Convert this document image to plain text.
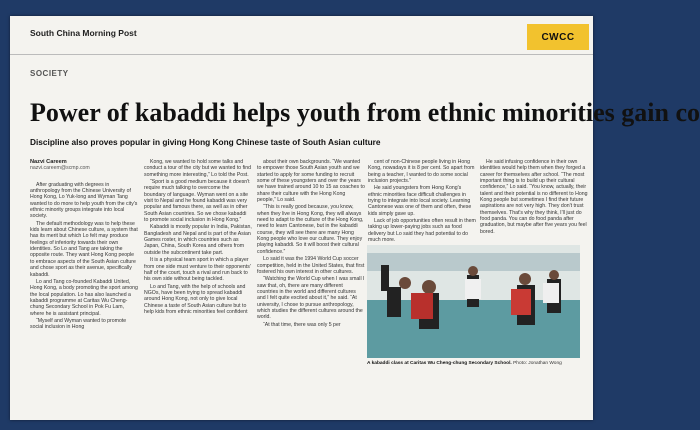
South China Morning Post	CWCC
SOCIETY
Power of kabaddi helps youth from ethnic minorities gain co
Discipline also proves popular in giving Hong Kong Chinese taste of South Asian culture
Nazvi Careem
nazvi.careem@scmp.com

After graduating with degrees in anthropology from the Chinese University of Hong Kong, Lo Yuk-long and Wyman Tang wanted to do more to help youth from the city's ethnic minority groups integrate into local society.

The default methodology was to help these kids learn about Chinese culture, a system that has its merit but which Lo felt may produce feelings of inferiority towards their own identities. So Lo and Tang are taking the opposite route. They want Hong Kong people to embrace aspects of the South Asian culture and chose sport as their avenue, specifically kabaddi.

Lo and Tang co-founded Kabaddi United, Hong Kong, a body promoting the sport among the local population. Lo has also launched a kabaddi programme at Caritas Wu Cheng-chung Secondary School in Pok Fu Lam, where he is assistant principal.

“Myself and Wyman wanted to promote social inclusion in Hong

Kong, we wanted to hold some talks and conduct a tour of the city but we wanted to find something more interesting,” Lo told the Post.

“Sport is a good medium because it doesn't require much talking to overcome the boundary of language. Wyman went on a site visit to Nepal and he found kabaddi was very popular and famous there, as well as in other South Asian countries. So we chose kabaddi to promote social inclusion in Hong Kong.”

Kabaddi is mostly popular in India, Pakistan, Bangladesh and Nepal and is part of the Asian Games roster, in which countries such as Japan, China, South Korea and others from outside the subcontinent take part.

It is a physical team sport in which a player from one side must venture to their opponents' half of the court, touch a rival and run back to his own side without being tackled.

Lo and Tang, with the help of schools and NGOs, have been trying to spread kabaddi around Hong Kong, not only to give local Chinese a taste of South Asian culture but to help kids from ethnic minorities feel confident

about their own backgrounds. “We wanted to empower those South Asian youth and we started to apply for some funding to recruit some of these youngsters and over the years we have trained around 10 to 15 as coaches to share their culture with the Hong Kong people,” Lo said.

“This is really good because, you know, when they live in Hong Kong, they will always need to adapt to the culture of the Hong Kong, need to learn Cantonese, but in the kabaddi course, they will see there are many Hong Kong people who love our culture. They enjoy playing kabaddi. So it will boost their cultural confidence.”

Lo said it was the 1994 World Cup soccer competition, held in the United States, that first fostered his own interest in other cultures.

“Watching the World Cup when I was small I saw that, oh, there are many different countries in the world and different cultures and I felt quite excited about it,” he said. “At university, I chose to pursue anthropology, which studies the different cultures around the world.

“At that time, there was only 5 per

cent of non-Chinese people living in Hong Kong, nowadays it is 8 per cent. So apart from being a teacher, I wanted to do some social inclusion projects.”

He said youngsters from Hong Kong's ethnic minorities face difficult challenges in trying to integrate into local society. Learning Cantonese was one of them and often, these kids simply gave up.

Lack of job opportunities often result in them taking up lower-paying jobs such as food delivery but Lo said they had potential to do much more.

He said infusing confidence in their own identities would help them when they forged a career for themselves after school. “The most important thing is to build up their cultural confidence,” Lo said. “You know, actually, their talent and their potential is no different to Hong Kong people but sometimes I find their future aspirations are not very high. They don't trust themselves. That's why they think, I'll just do food panda. You can do food panda after graduation, but maybe after five years you feel bored.

A kabaddi class at Caritas Wu Cheng-chung Secondary School. Photo: Jonathan Wong
